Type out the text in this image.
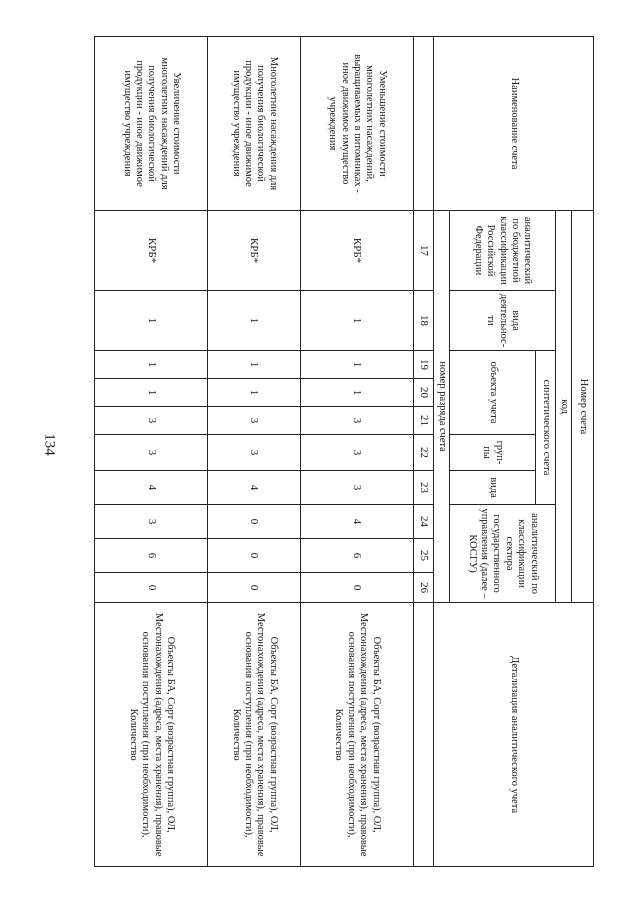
134
Наименование счета	Номер счета										Детализация аналитического учета
	код										
	аналитический по бюджетной классификации Российской Федерации	вида деятельнос-ти	синтетического счета					аналитический по классификации сектора государственного управления (далее – КОСГУ)			
			объекта учета			груп-пы	вида				
	номер разряда счета										
	17	18	19	20	21	22	23	24	25	26	
Уменьшение стоимости многолетних насаждений, выращиваемых в питомниках - иное движимое имущество учреждения	КРБ*	1	1	1	3	3	3	4	6	0	Объекты БА, Сорт (возрастная группа), ОЛ, Местонахождения (адреса, места хранения), правовые основания поступления (при необходимости), Количество
Многолетние насаждения для получения биологической продукции - иное движимое имущество учреждения	КРБ*	1	1	1	3	3	4	0	0	0	Объекты БА, Сорт (возрастная группа), ОЛ, Местонахождения (адреса, места хранения), правовые основания поступления (при необходимости), Количество
Увеличение стоимости многолетних насаждений для получения биологической продукции - иное движимое имущество учреждения	КРБ*	1	1	1	3	3	4	3	6	0	Объекты БА, Сорт (возрастная группа), ОЛ, Местонахождения (адреса, места хранения), правовые основания поступления (при необходимости), Количество
